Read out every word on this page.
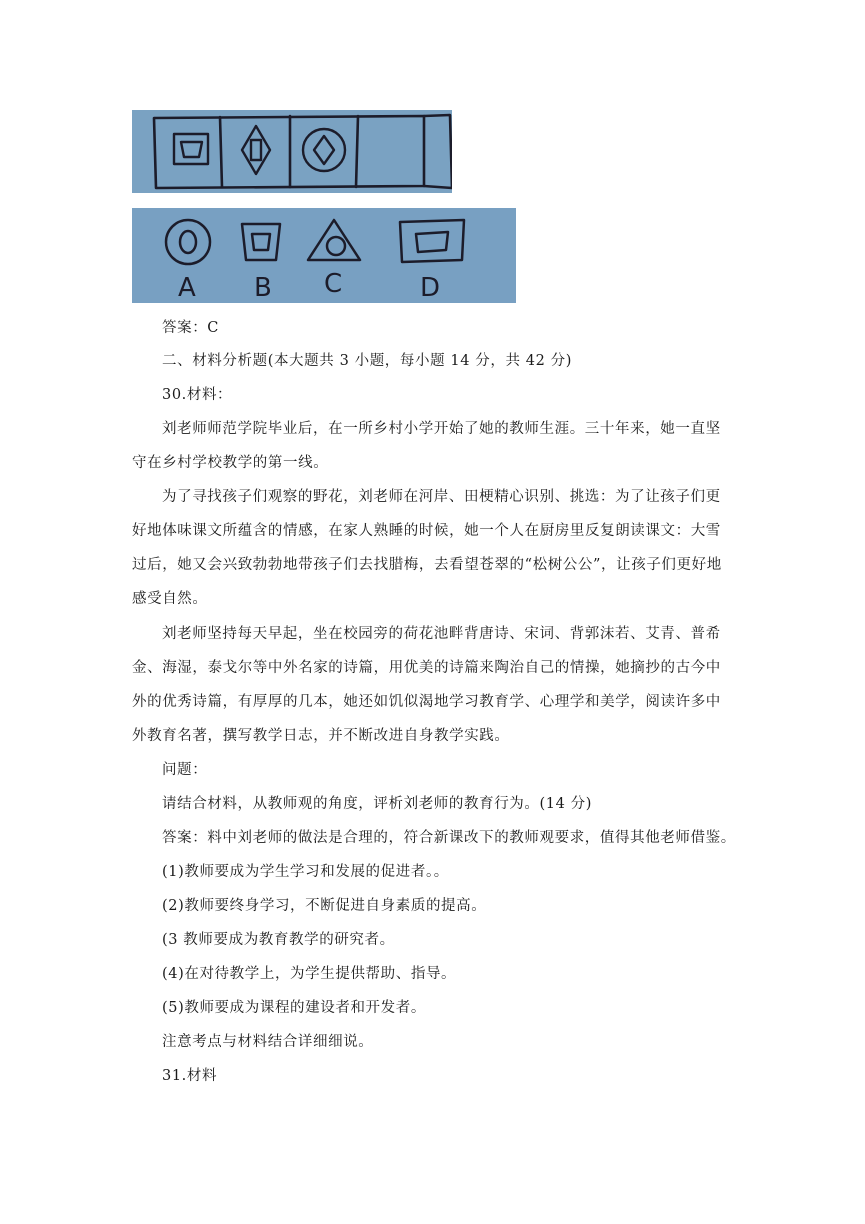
A B C	D
答案：C
二、材料分析题(本大题共 3 小题，每小题 14 分，共 42 分)
30.材料：
刘老师师范学院毕业后，在一所乡村小学开始了她的教师生涯。三十年来，她一直坚
守在乡村学校教学的第一线。
为了寻找孩子们观察的野花，刘老师在河岸、田梗精心识别、挑选：为了让孩子们更
好地体味课文所蕴含的情感，在家人熟睡的时候，她一个人在厨房里反复朗读课文：大雪
过后，她又会兴致勃勃地带孩子们去找腊梅，去看望苍翠的“松树公公”，让孩子们更好地
感受自然。
刘老师坚持每天早起，坐在校园旁的荷花池畔背唐诗、宋词、背郭沫若、艾青、普希
金、海湿，泰戈尔等中外名家的诗篇，用优美的诗篇来陶治自己的情操，她摘抄的古今中
外的优秀诗篇，有厚厚的几本，她还如饥似渴地学习教育学、心理学和美学，阅读许多中
外教育名著，撰写教学日志，并不断改进自身教学实践。
问题：
请结合材料，从教师观的角度，评析刘老师的教育行为。(14 分)
答案：料中刘老师的做法是合理的，符合新课改下的教师观要求，值得其他老师借鉴。
(1)教师要成为学生学习和发展的促进者。。
(2)教师要终身学习，不断促进自身素质的提高。
(3 教师要成为教育教学的研究者。
(4)在对待教学上，为学生提供帮助、指导。
(5)教师要成为课程的建设者和开发者。
注意考点与材料结合详细细说。
31.材料
